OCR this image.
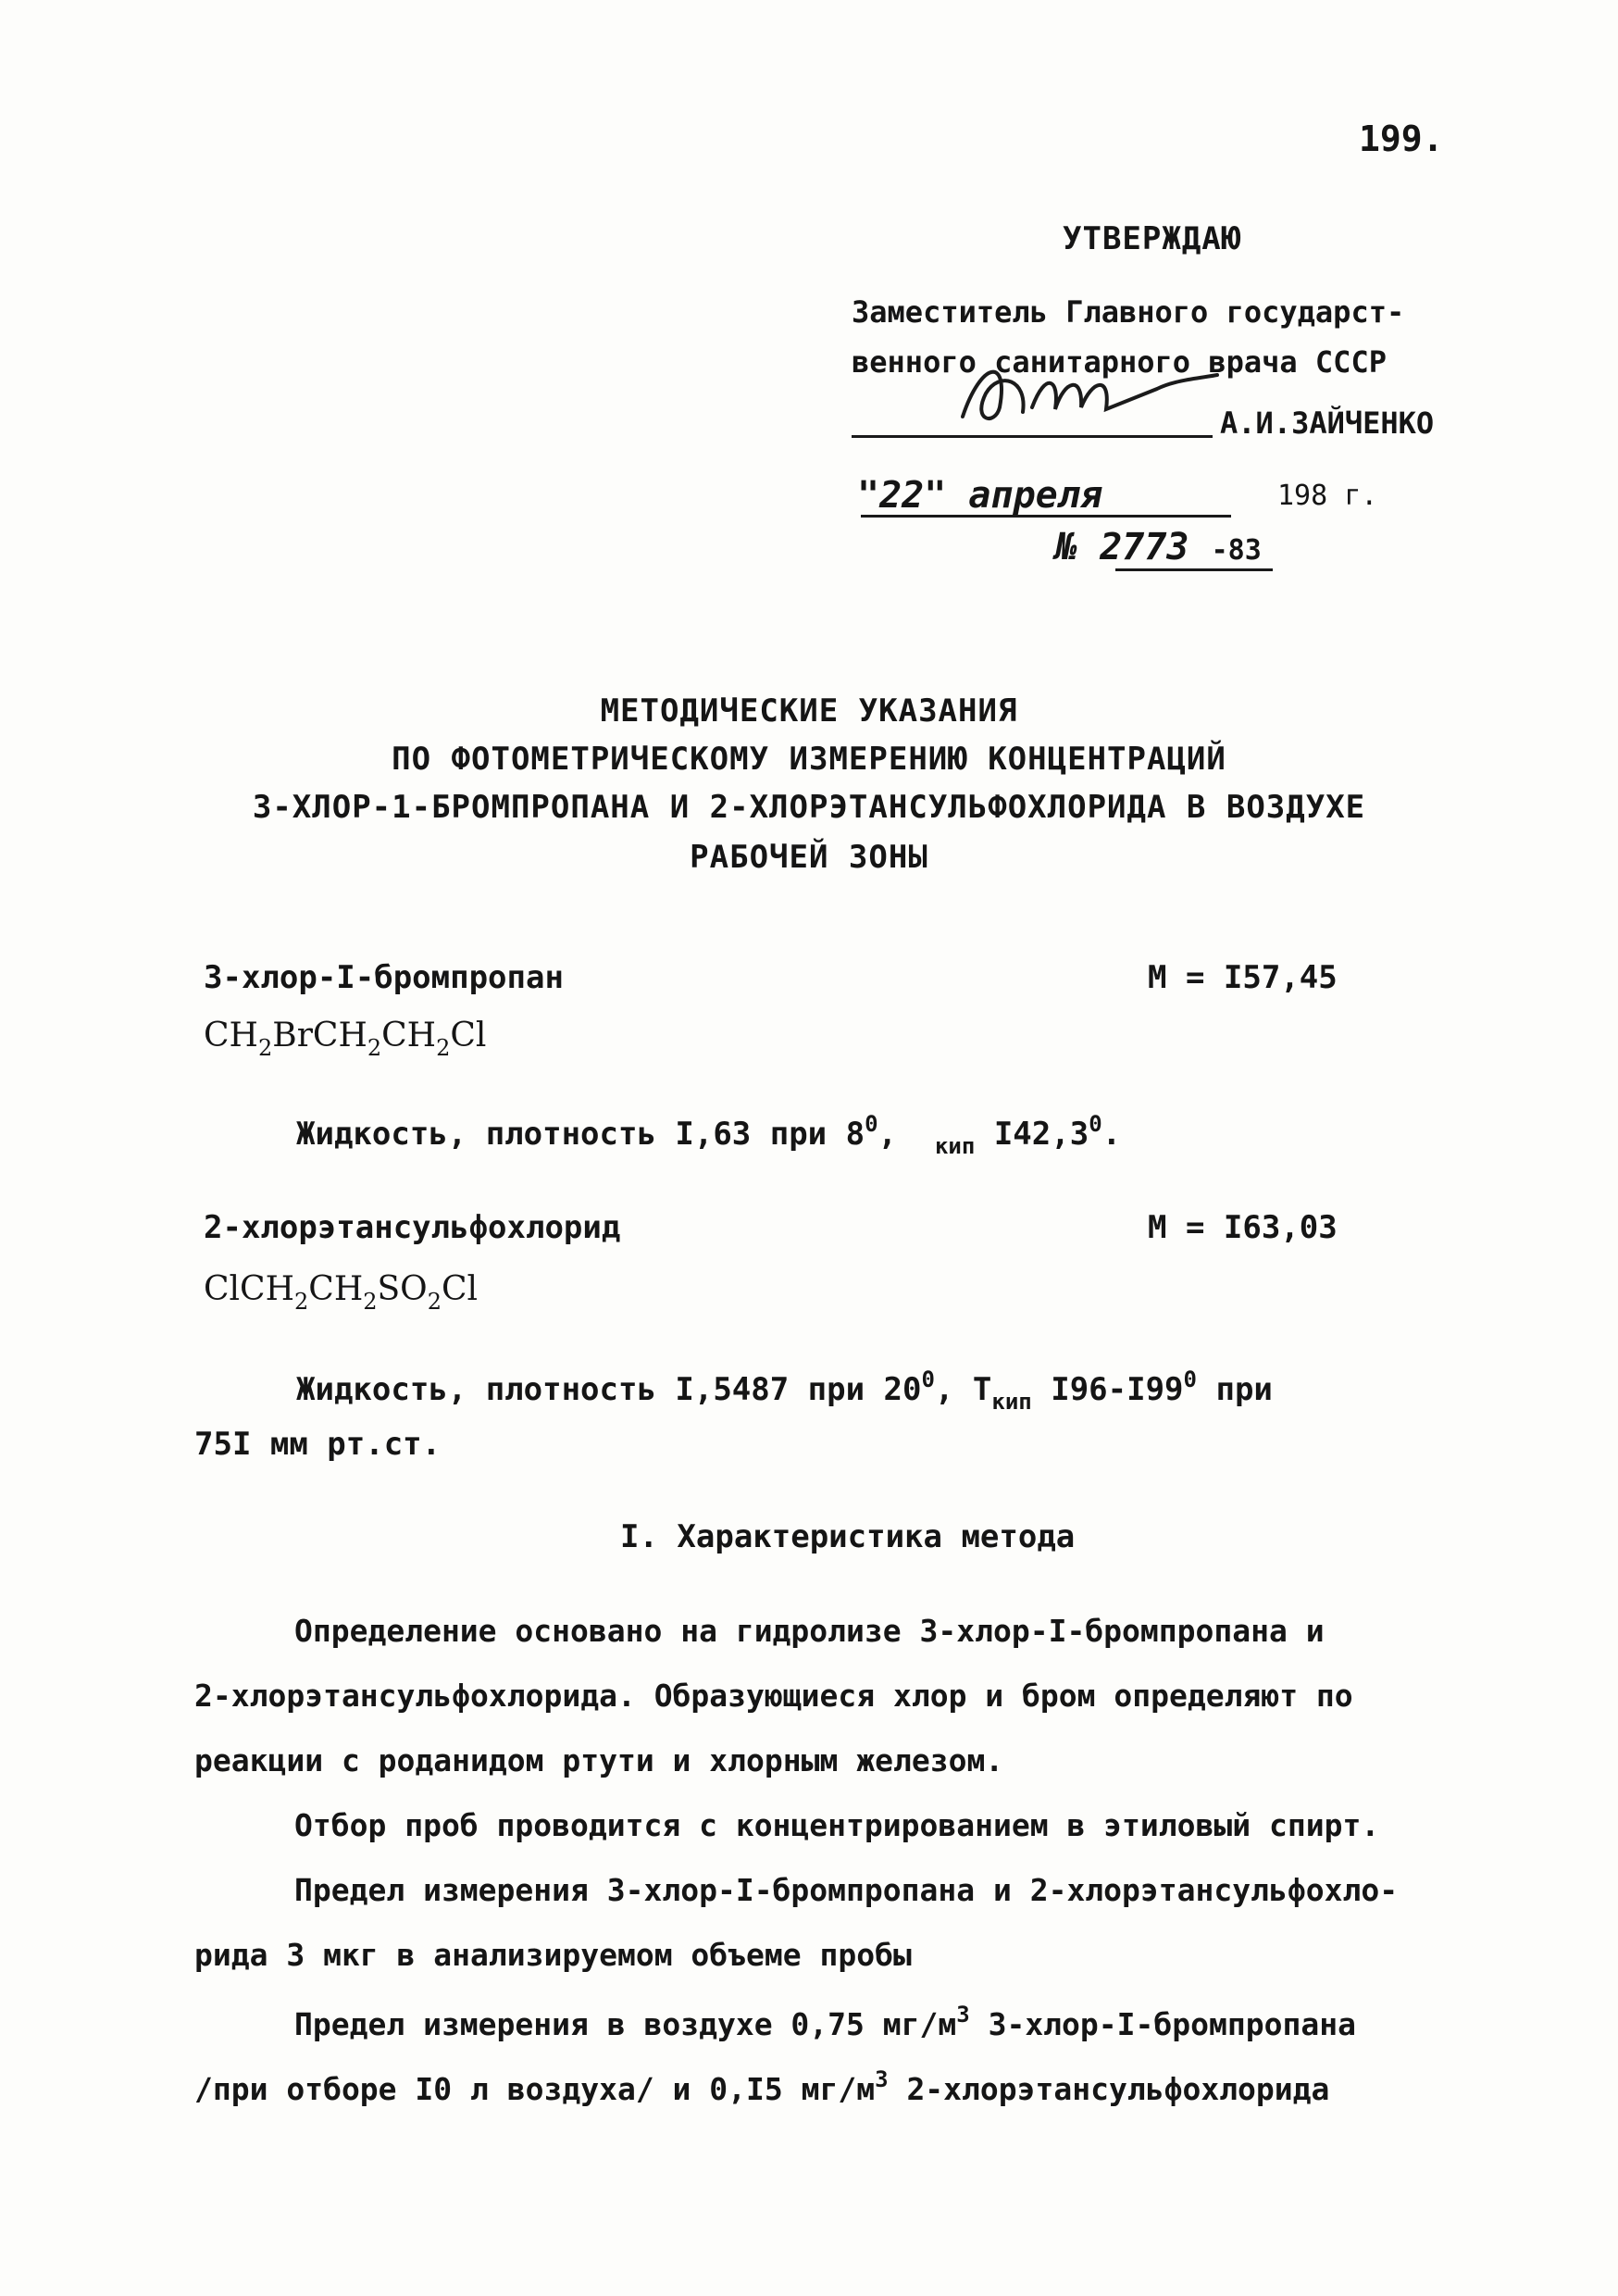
199.
УТВЕРЖДАЮ
Заместитель Главного государст-
венного санитарного врача СССР
А.И.ЗАЙЧЕНКО
"22" апреля	198 г.
№ 2773 -83
МЕТОДИЧЕСКИЕ УКАЗАНИЯ
ПО ФОТОМЕТРИЧЕСКОМУ ИЗМЕРЕНИЮ КОНЦЕНТРАЦИЙ
3-ХЛОР-1-БРОМПРОПАНА И 2-ХЛОРЭТАНСУЛЬФОХЛОРИДА В ВОЗДУХЕ
РАБОЧЕЙ ЗОНЫ
3-хлор-I-бромпропан	М = I57,45
$CH_2BrCH_2CH_2Cl$
Жидкость, плотность I,63 при $8^0$, $_{кип}$ I42,3$^0$.
2-хлорэтансульфохлорид	М = I63,03
$ClCH_2CH_2SO_2Cl$
Жидкость, плотность I,5487 при $20^0$, $T_{кип}$ $I96-I99^0$ при
75I мм рт.ст.
I. Характеристика метода
Определение основано на гидролизе 3-хлор-I-бромпропана и
2-хлорэтансульфохлорида. Образующиеся хлор и бром определяют по
реакции с роданидом ртути и хлорным железом.
Отбор проб проводится с концентрированием в этиловый спирт.
Предел измерения 3-хлор-I-бромпропана и 2-хлорэтансульфохло-
рида 3 мкг в анализируемом объеме пробы
Предел измерения в воздухе 0,75 $мг/м^3$ 3-хлор-I-бромпропана
/при отборе I0 л воздуха/ и 0,I5 $мг/м^3$ 2-хлорэтансульфохлорида
